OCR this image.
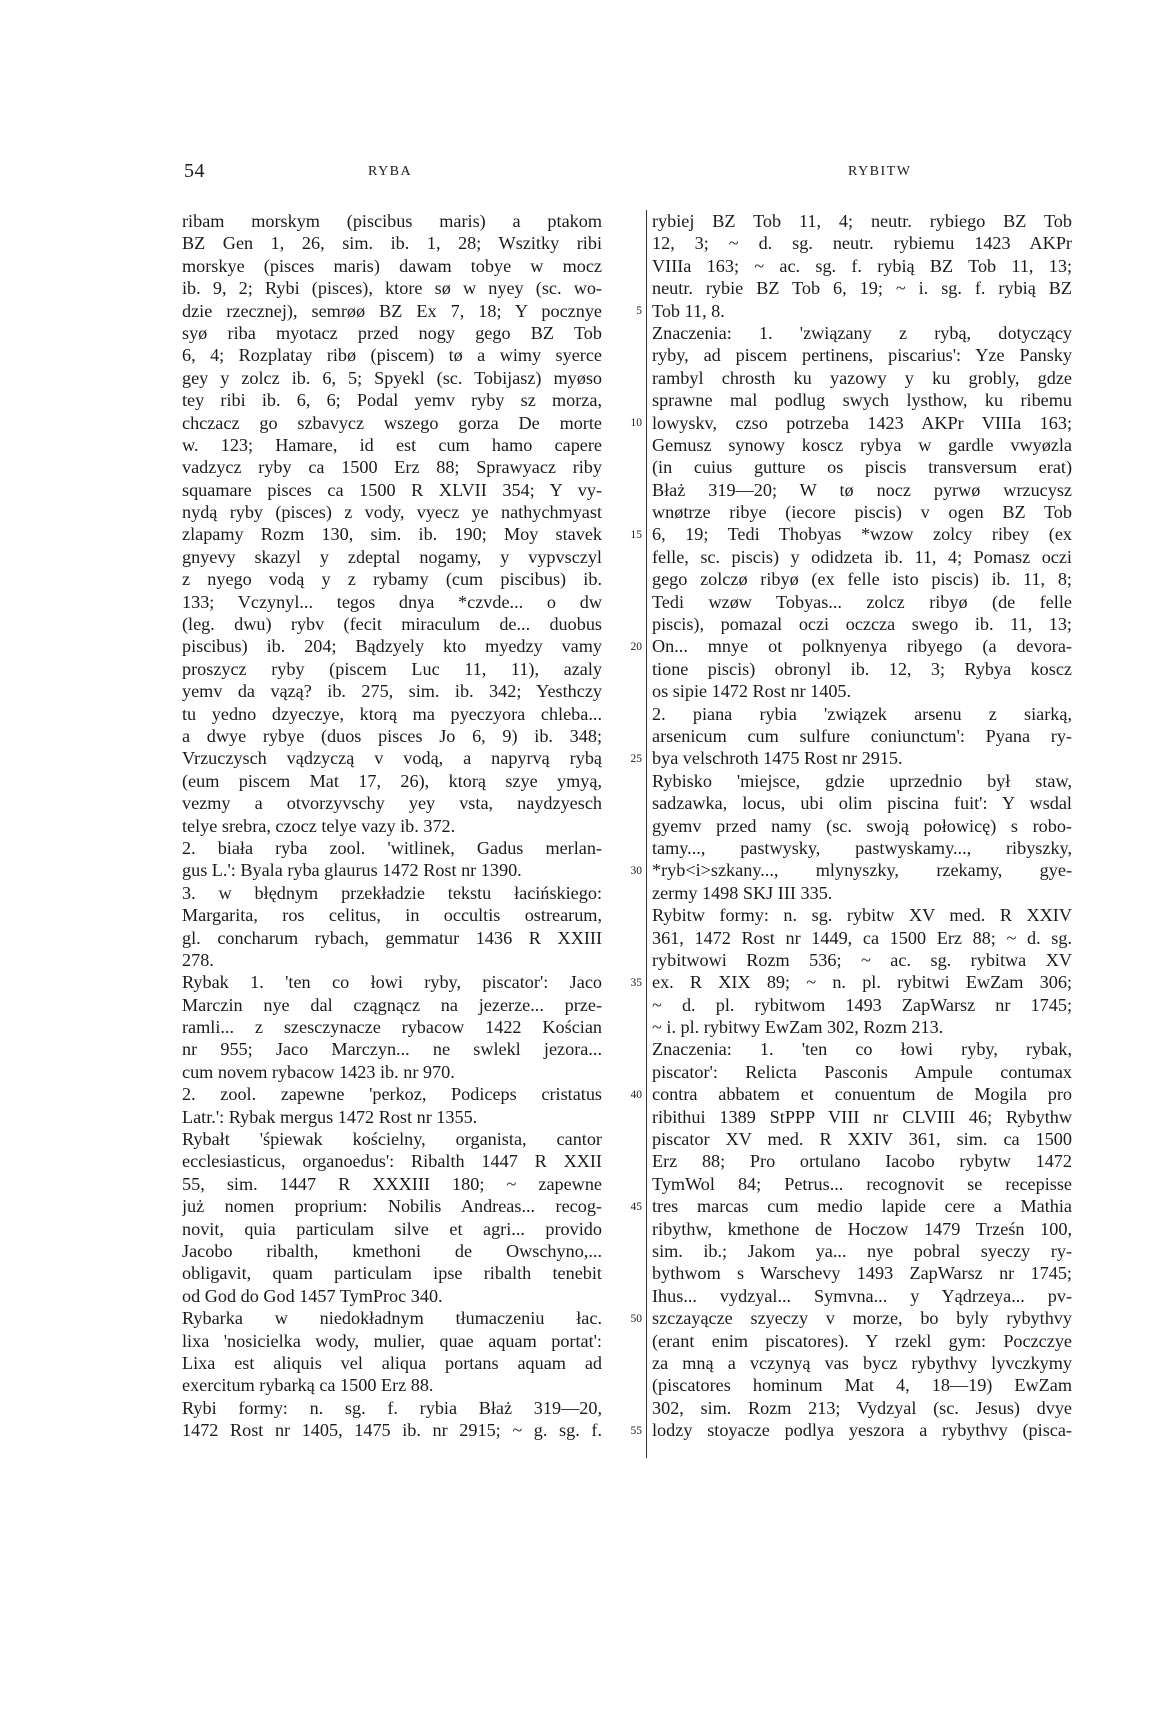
54	RYBA	RYBITW
ribam morskym (piscibus maris) a ptakom
BZ Gen 1, 26, sim. ib. 1, 28; Wszitky ribi
morskye (pisces maris) dawam tobye w mocz
ib. 9, 2; Rybi (pisces), ktore sø w nyey (sc. wo-
dzie rzecznej), semrøø BZ Ex 7, 18; Y pocznye
syø riba myotacz przed nogy gego BZ Tob
6, 4; Rozplatay ribø (piscem) tø a wimy syerce
gey y zolcz ib. 6, 5; Spyekl (sc. Tobijasz) myøso
tey ribi ib. 6, 6; Podal yemv ryby sz morza,
chczacz go szbavycz wszego gorza De morte
w. 123; Hamare, id est cum hamo capere
vadzycz ryby ca 1500 Erz 88; Sprawyacz riby
squamare pisces ca 1500 R XLVII 354; Y vy-
nydą ryby (pisces) z vody, vyecz ye nathychmyast
zlapamy Rozm 130, sim. ib. 190; Moy stavek
gnyevy skazyl y zdeptal nogamy, y vypvsczyl
z nyego vodą y z rybamy (cum piscibus) ib.
133; Vczynyl... tegos dnya *czvde... o dw
(leg. dwu) rybv (fecit miraculum de... duobus
piscibus) ib. 204; Bądzyely kto myedzy vamy
proszycz ryby (piscem Luc 11, 11), azaly
yemv da vązą? ib. 275, sim. ib. 342; Yesthczy
tu yedno dzyeczye, ktorą ma pyeczyora chleba...
a dwye rybye (duos pisces Jo 6, 9) ib. 348;
Vrzuczysch vądzyczą v vodą, a napyrvą rybą
(eum piscem Mat 17, 26), ktorą szye ymyą,
vezmy a otvorzyvschy yey vsta, naydzyesch
telye srebra, czocz telye vazy ib. 372.
2. biała ryba zool. 'witlinek, Gadus merlan-
gus L.': Byala ryba glaurus 1472 Rost nr 1390.
3. w błędnym przekładzie tekstu łacińskiego:
Margarita, ros celitus, in occultis ostrearum,
gl. concharum rybach, gemmatur 1436 R XXIII
278.
Rybak 1. 'ten co łowi ryby, piscator': Jaco
Marczin nye dal czągnącz na jezerze... prze-
ramli... z szesczynacze rybacow 1422 Kościan
nr 955; Jaco Marczyn... ne swlekl jezora...
cum novem rybacow 1423 ib. nr 970.
2. zool. zapewne 'perkoz, Podiceps cristatus
Latr.': Rybak mergus 1472 Rost nr 1355.
Rybałt 'śpiewak kościelny, organista, cantor
ecclesiasticus, organoedus': Ribalth 1447 R XXII
55, sim. 1447 R XXXIII 180; ~ zapewne
już nomen proprium: Nobilis Andreas... recog-
novit, quia particulam silve et agri... provido
Jacobo ribalth, kmethoni de Owschyno,...
obligavit, quam particulam ipse ribalth tenebit
od God do God 1457 TymProc 340.
Rybarka w niedokładnym tłumaczeniu łac.
lixa 'nosicielka wody, mulier, quae aquam portat':
Lixa est aliquis vel aliqua portans aquam ad
exercitum rybarką ca 1500 Erz 88.
Rybi formy: n. sg. f. rybia Błaż 319—20,
1472 Rost nr 1405, 1475 ib. nr 2915; ~ g. sg. f.
5
10
15
20
25
30
35
40
45
50
55
rybiej BZ Tob 11, 4; neutr. rybiego BZ Tob
12, 3; ~ d. sg. neutr. rybiemu 1423 AKPr
VIIIa 163; ~ ac. sg. f. rybią BZ Tob 11, 13;
neutr. rybie BZ Tob 6, 19; ~ i. sg. f. rybią BZ
Tob 11, 8.
Znaczenia: 1. 'związany z rybą, dotyczący
ryby, ad piscem pertinens, piscarius': Yze Pansky
rambyl chrosth ku yazowy y ku grobly, gdze
sprawne mal podlug swych lysthow, ku ribemu
lowyskv, czso potrzeba 1423 AKPr VIIIa 163;
Gemusz synowy koscz rybya w gardle vwyøzla
(in cuius gutture os piscis transversum erat)
Błaż 319—20; W tø nocz pyrwø wrzucysz
wnøtrze ribye (iecore piscis) v ogen BZ Tob
6, 19; Tedi Thobyas *wzow zolcy ribey (ex
felle, sc. piscis) y odidzeta ib. 11, 4; Pomasz oczi
gego zolczø ribyø (ex felle isto piscis) ib. 11, 8;
Tedi wzøw Tobyas... zolcz ribyø (de felle
piscis), pomazal oczi oczcza swego ib. 11, 13;
On... mnye ot polknyenya ribyego (a devora-
tione piscis) obronyl ib. 12, 3; Rybya koscz
os sipie 1472 Rost nr 1405.
2. piana rybia 'związek arsenu z siarką,
arsenicum cum sulfure coniunctum': Pyana ry-
bya velschroth 1475 Rost nr 2915.
Rybisko 'miejsce, gdzie uprzednio był staw,
sadzawka, locus, ubi olim piscina fuit': Y wsdal
gyemv przed namy (sc. swoją połowicę) s robo-
tamy..., pastwysky, pastwyskamy..., ribyszky,
*ryb<i>szkany..., mlynyszky, rzekamy, gye-
zermy 1498 SKJ III 335.
Rybitw formy: n. sg. rybitw XV med. R XXIV
361, 1472 Rost nr 1449, ca 1500 Erz 88; ~ d. sg.
rybitwowi Rozm 536; ~ ac. sg. rybitwa XV
ex. R XIX 89; ~ n. pl. rybitwi EwZam 306;
~ d. pl. rybitwom 1493 ZapWarsz nr 1745;
~ i. pl. rybitwy EwZam 302, Rozm 213.
Znaczenia: 1. 'ten co łowi ryby, rybak,
piscator': Relicta Pasconis Ampule contumax
contra abbatem et conuentum de Mogila pro
ribithui 1389 StPPP VIII nr CLVIII 46; Rybythw
piscator XV med. R XXIV 361, sim. ca 1500
Erz 88; Pro ortulano Iacobo rybytw 1472
TymWol 84; Petrus... recognovit se recepisse
tres marcas cum medio lapide cere a Mathia
ribythw, kmethone de Hoczow 1479 Trześn 100,
sim. ib.; Jakom ya... nye pobral syeczy ry-
bythwom s Warschevy 1493 ZapWarsz nr 1745;
Ihus... vydzyal... Symvna... y Yądrzeya... pv-
szczayącze szyeczy v morze, bo byly rybythvy
(erant enim piscatores). Y rzekl gym: Poczczye
za mną a vczynyą vas bycz rybythvy lyvczkymy
(piscatores hominum Mat 4, 18—19) EwZam
302, sim. Rozm 213; Vydzyal (sc. Jesus) dvye
lodzy stoyacze podlya yeszora a rybythvy (pisca-
